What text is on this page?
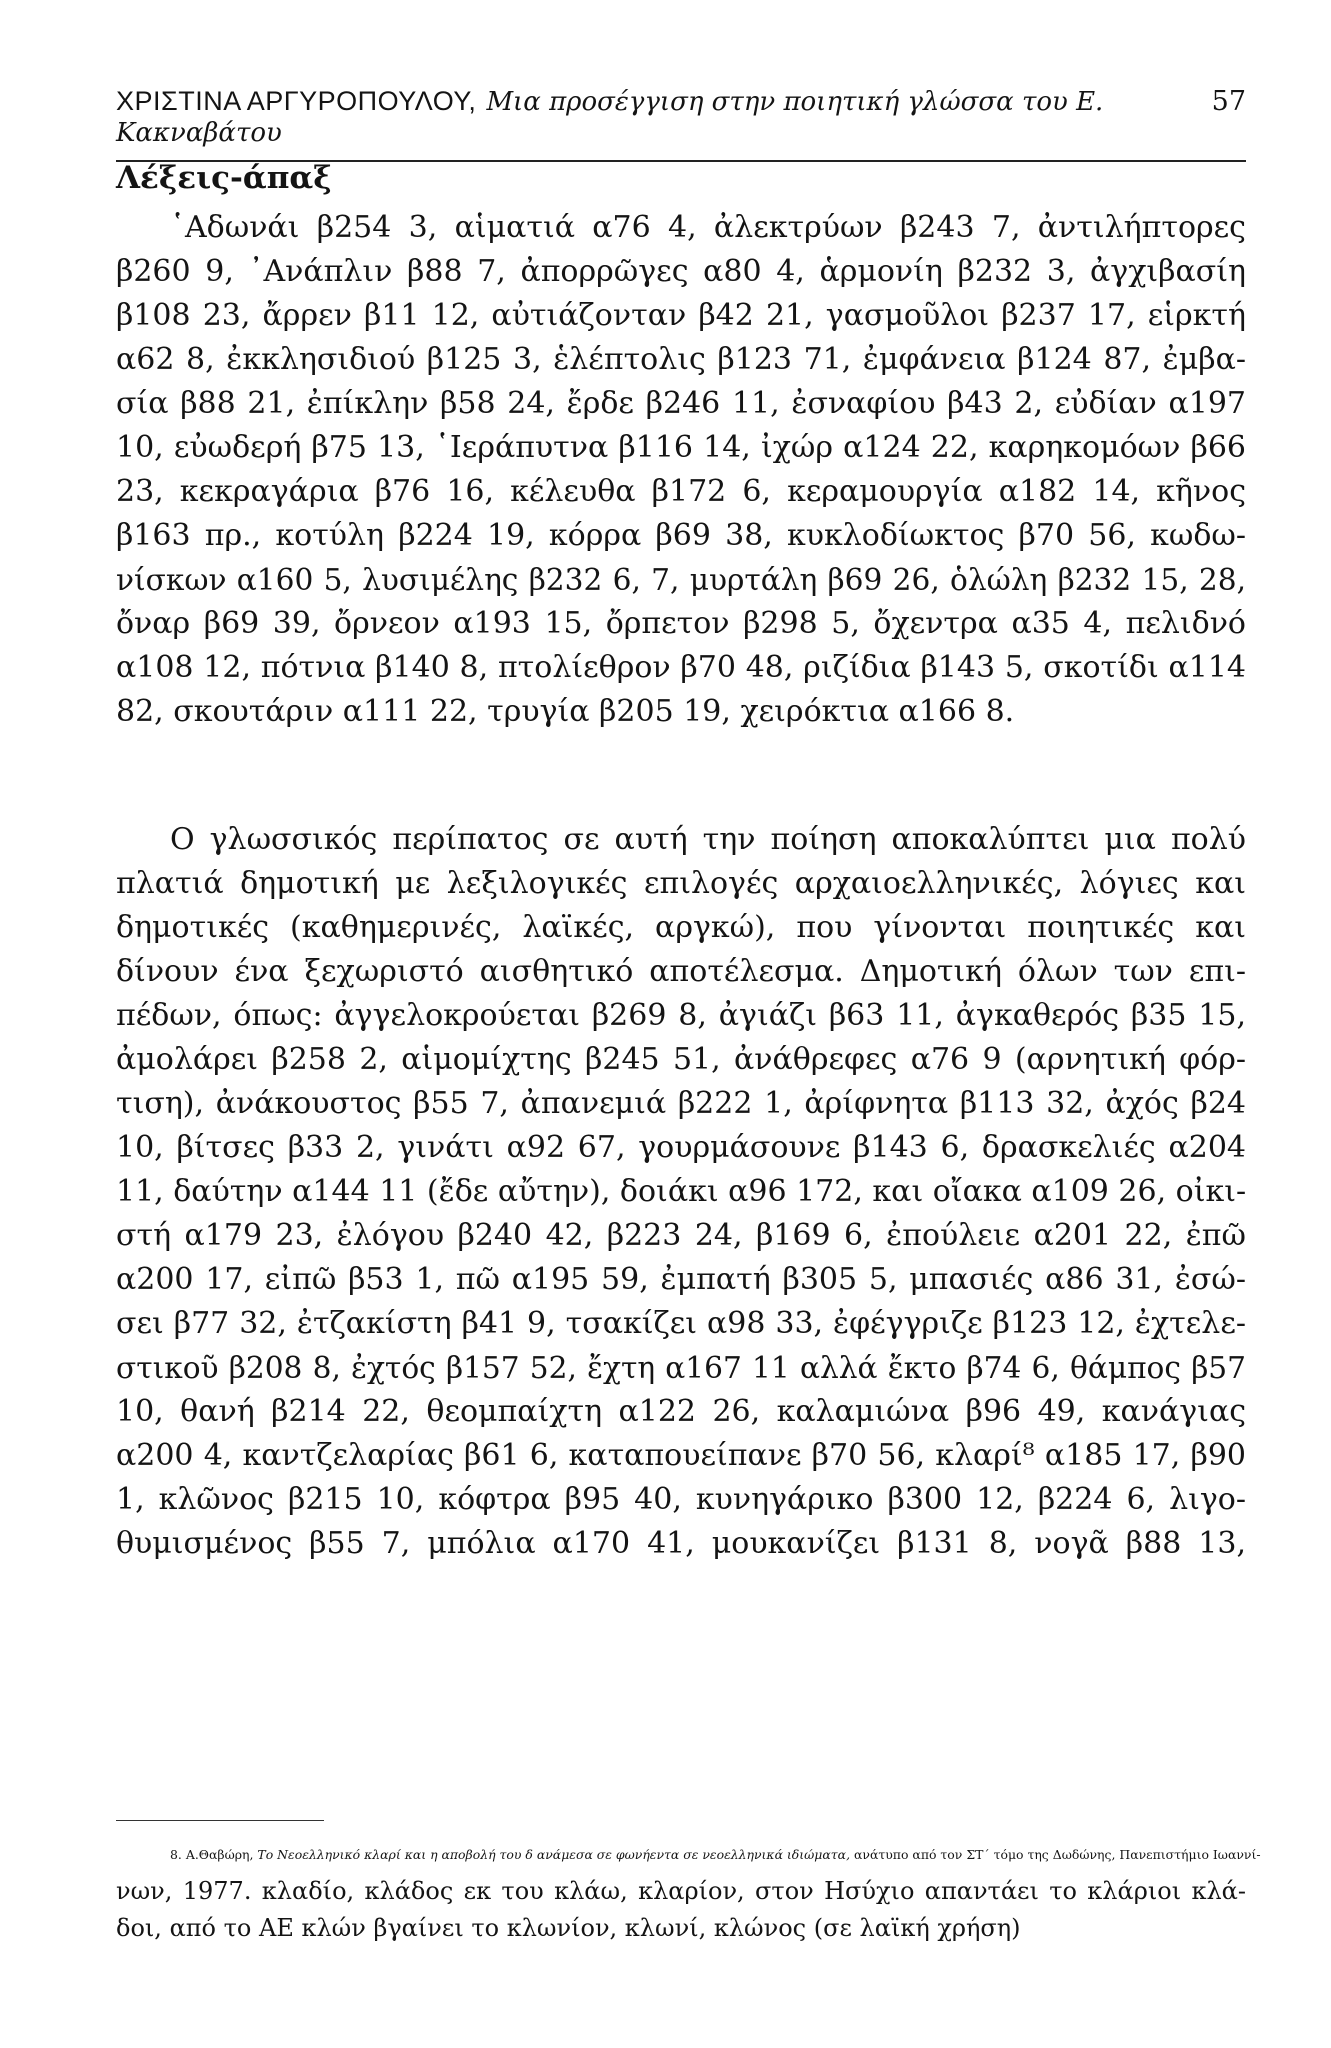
ΧΡΙΣΤΙΝΑ ΑΡΓΥΡΟΠΟΥΛΟΥ, Μια προσέγγιση στην ποιητική γλώσσα του Ε. Κακναβάτου
57
Λέξεις-άπαξ
῾Αδωνάι β254 3, αἱματιά α76 4, ἀλεκτρύων β243 7, ἀντιλήπτορες
β260 9, ᾿Ανάπλιν β88 7, ἀπορρῶγες α80 4, ἁρμονίη β232 3, ἀγχιβασίη
β108 23, ἄρρεν β11 12, αὐτιάζονταν β42 21, γασμοῦλοι β237 17, εἱρκτή
α62 8, ἐκκλησιδιού β125 3, ἑλέπτολις β123 71, ἐμφάνεια β124 87, ἐμβα-
σία β88 21, ἐπίκλην β58 24, ἔρδε β246 11, ἐσναφίου β43 2, εὐδίαν α197
10, εὐωδερή β75 13, ῾Ιεράπυτνα β116 14, ἰχώρ α124 22, καρηκομόων β66
23, κεκραγάρια β76 16, κέλευθα β172 6, κεραμουργία α182 14, κῆνος
β163 πρ., κοτύλη β224 19, κόρρα β69 38, κυκλοδίωκτος β70 56, κωδω-
νίσκων α160 5, λυσιμέλης β232 6, 7, μυρτάλη β69 26, ὁλώλη β232 15, 28,
ὄναρ β69 39, ὄρνεον α193 15, ὄρπετον β298 5, ὄχεντρα α35 4, πελιδνό
α108 12, πότνια β140 8, πτολίεθρον β70 48, ριζίδια β143 5, σκοτίδι α114
82, σκουτάριν α111 22, τρυγία β205 19, χειρόκτια α166 8.
Ο γλωσσικός περίπατος σε αυτή την ποίηση αποκαλύπτει μια πολύ
πλατιά δημοτική με λεξιλογικές επιλογές αρχαιοελληνικές, λόγιες και
δημοτικές (καθημερινές, λαϊκές, αργκώ), που γίνονται ποιητικές και
δίνουν ένα ξεχωριστό αισθητικό αποτέλεσμα. Δημοτική όλων των επι-
πέδων, όπως: ἀγγελοκρούεται β269 8, ἀγιάζι β63 11, ἀγκαθερός β35 15,
ἀμολάρει β258 2, αἱμομίχτης β245 51, ἀνάθρεφες α76 9 (αρνητική φόρ-
τιση), ἀνάκουστος β55 7, ἀπανεμιά β222 1, ἀρίφνητα β113 32, ἀχός β24
10, βίτσες β33 2, γινάτι α92 67, γουρμάσουνε β143 6, δρασκελιές α204
11, δαύτην α144 11 (ἔδε αὔτην), δοιάκι α96 172, και οἴακα α109 26, οἰκι-
στή α179 23, ἐλόγου β240 42, β223 24, β169 6, ἐπούλειε α201 22, ἐπῶ
α200 17, εἰπῶ β53 1, πῶ α195 59, ἐμπατή β305 5, μπασιές α86 31, ἐσώ-
σει β77 32, ἐτζακίστη β41 9, τσακίζει α98 33, ἐφέγγριζε β123 12, ἐχτελε-
στικοῦ β208 8, ἐχτός β157 52, ἔχτη α167 11 αλλά ἔκτο β74 6, θάμπος β57
10, θανή β214 22, θεομπαίχτη α122 26, καλαμιώνα β96 49, κανάγιας
α200 4, καντζελαρίας β61 6, καταπουείπανε β70 56, κλαρί⁸ α185 17, β90
1, κλῶνος β215 10, κόφτρα β95 40, κυνηγάρικο β300 12, β224 6, λιγο-
θυμισμένος β55 7, μπόλια α170 41, μουκανίζει β131 8, νογᾶ β88 13,
8. Α.Θαβώρη, Το Νεοελληνικό κλαρί και η αποβολή του δ ανάμεσα σε φωνήεντα σε νεοελληνικά ιδιώματα, ανάτυπο από τον ΣΤ΄ τόμο της Δωδώνης, Πανεπιστήμιο Ιωαννί-
νων, 1977. κλαδίο, κλάδος εκ του κλάω, κλαρίον, στον Ησύχιο απαντάει το κλάριοι κλά-
δοι, από το ΑΕ κλών βγαίνει το κλωνίον, κλωνί, κλώνος (σε λαϊκή χρήση)
